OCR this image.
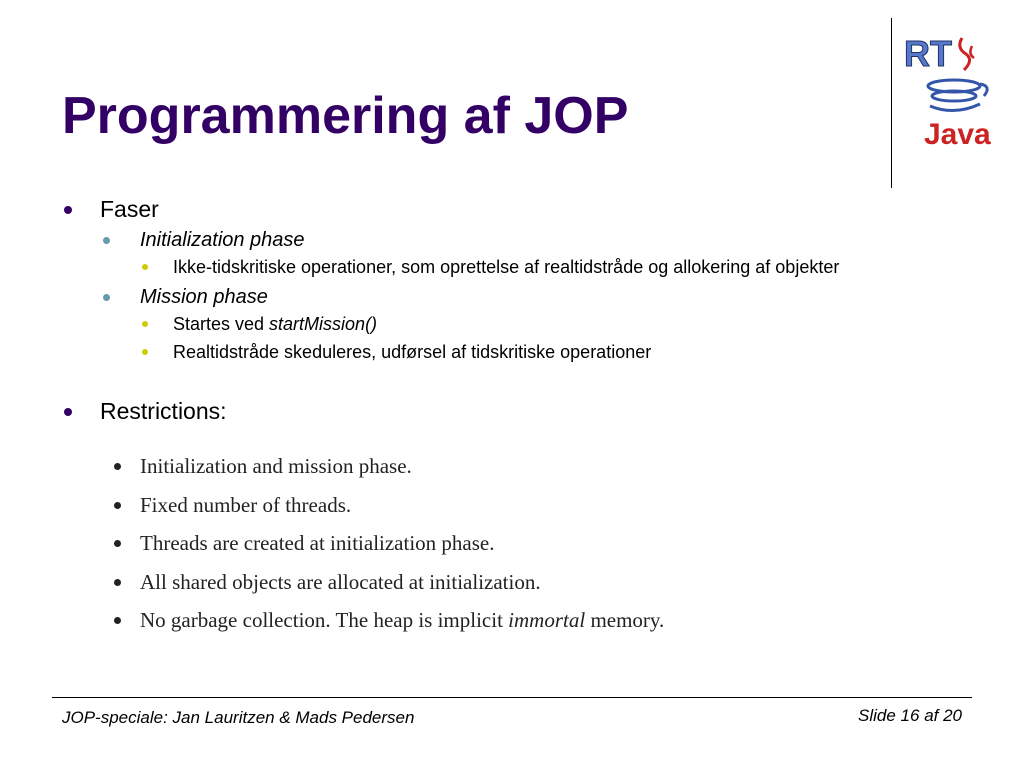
Programmering af JOP
RT
Java
Faser
Initialization phase
Ikke-tidskritiske operationer, som oprettelse af realtidstråde og allokering af objekter
Mission phase
Startes ved startMission()
Realtidstråde skeduleres, udførsel af tidskritiske operationer
Restrictions:
Initialization and mission phase.
Fixed number of threads.
Threads are created at initialization phase.
All shared objects are allocated at initialization.
No garbage collection. The heap is implicit immortal memory.
JOP-speciale: Jan Lauritzen & Mads Pedersen	Slide 16 af 20
